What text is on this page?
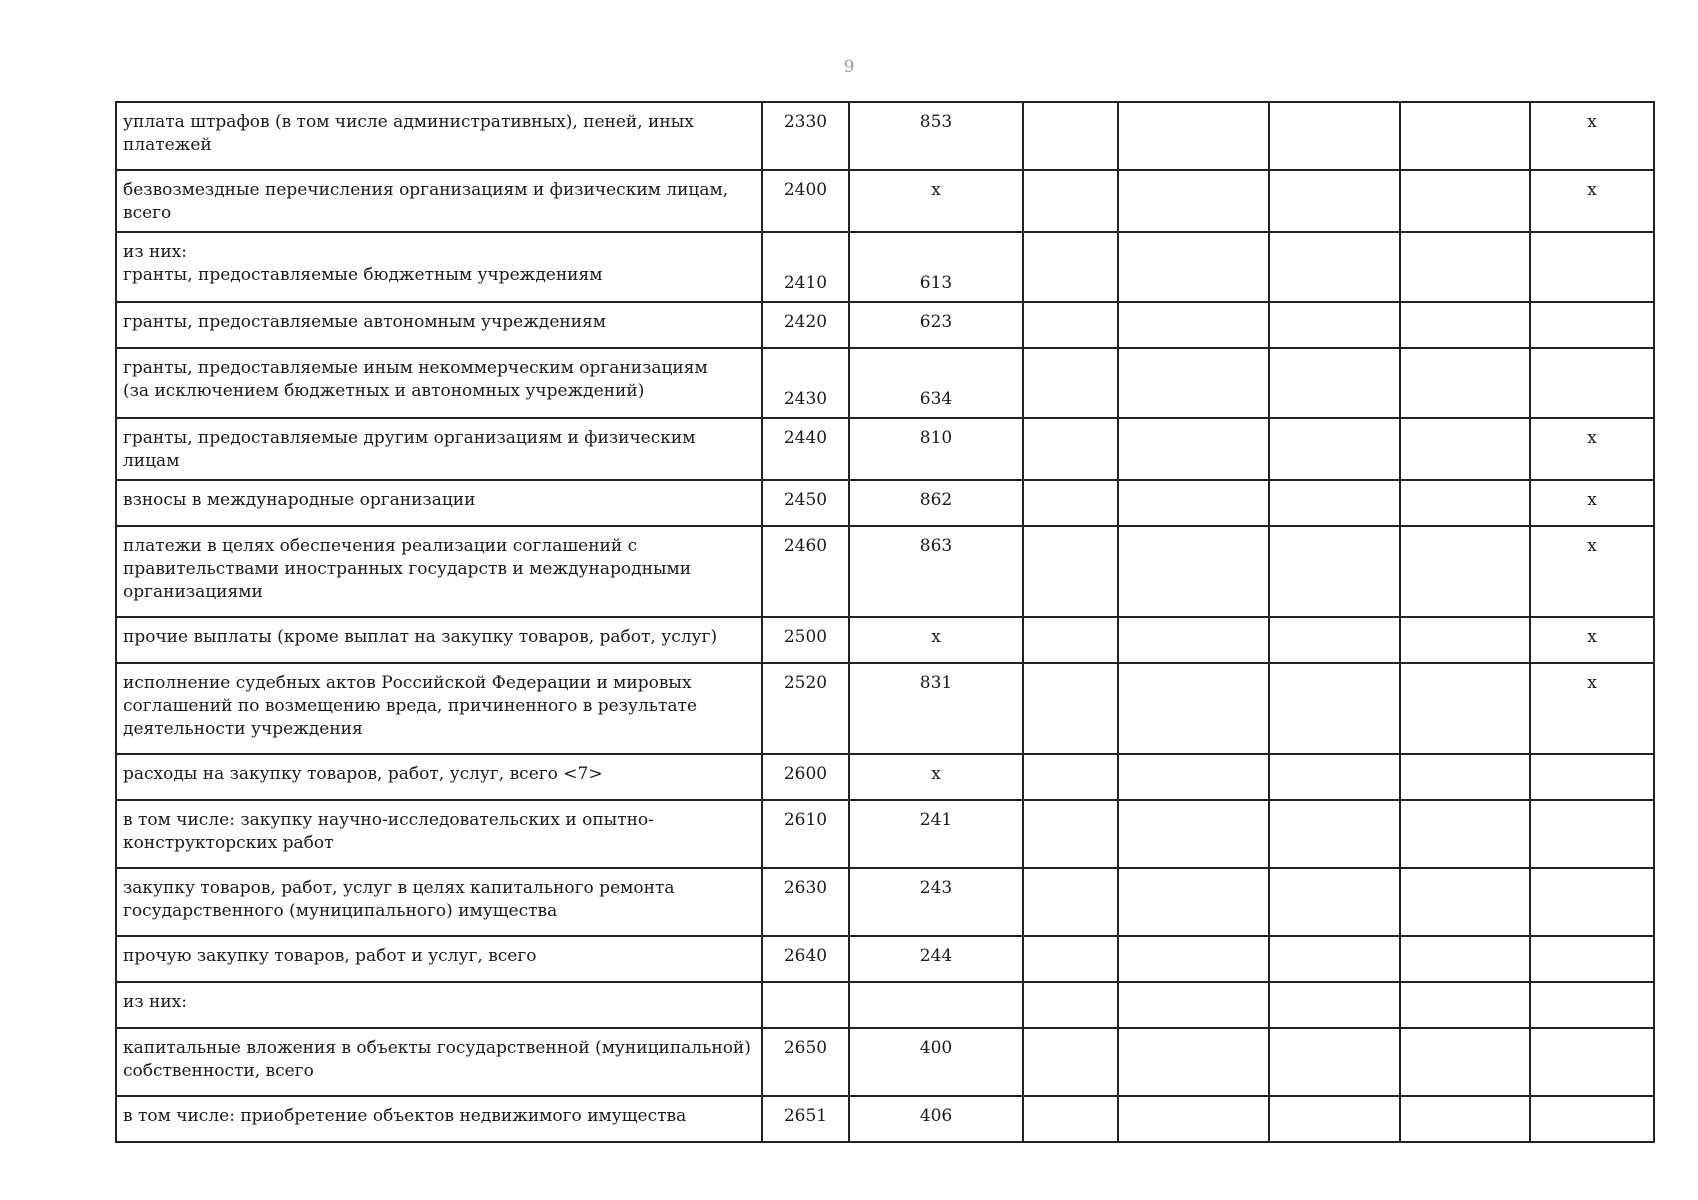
9
уплата штрафов (в том числе административных), пеней, иных
платежей	2330	853					x
безвозмездные перечисления организациям и физическим лицам, всего	2400	x					x
из них:
гранты, предоставляемые бюджетным учреждениям	2410	613					
гранты, предоставляемые автономным учреждениям	2420	623					
гранты, предоставляемые иным некоммерческим организациям
(за исключением бюджетных и автономных учреждений)	2430	634					
гранты, предоставляемые другим организациям и физическим лицам	2440	810					x
взносы в международные организации	2450	862					x
платежи в целях обеспечения реализации соглашений с
правительствами иностранных государств и международными
организациями	2460	863					x
прочие выплаты (кроме выплат на закупку товаров, работ, услуг)	2500	x					x
исполнение судебных актов Российской Федерации и мировых
соглашений по возмещению вреда, причиненного в результате
деятельности учреждения	2520	831					x
расходы на закупку товаров, работ, услуг, всего <7>	2600	x					
в том числе: закупку научно-исследовательских и опытно-
конструкторских работ	2610	241					
закупку товаров, работ, услуг в целях капитального ремонта
государственного (муниципального) имущества	2630	243					
прочую закупку товаров, работ и услуг, всего	2640	244					
из них:							
капитальные вложения в объекты государственной (муниципальной)
собственности, всего	2650	400					
в том числе: приобретение объектов недвижимого имущества	2651	406					
